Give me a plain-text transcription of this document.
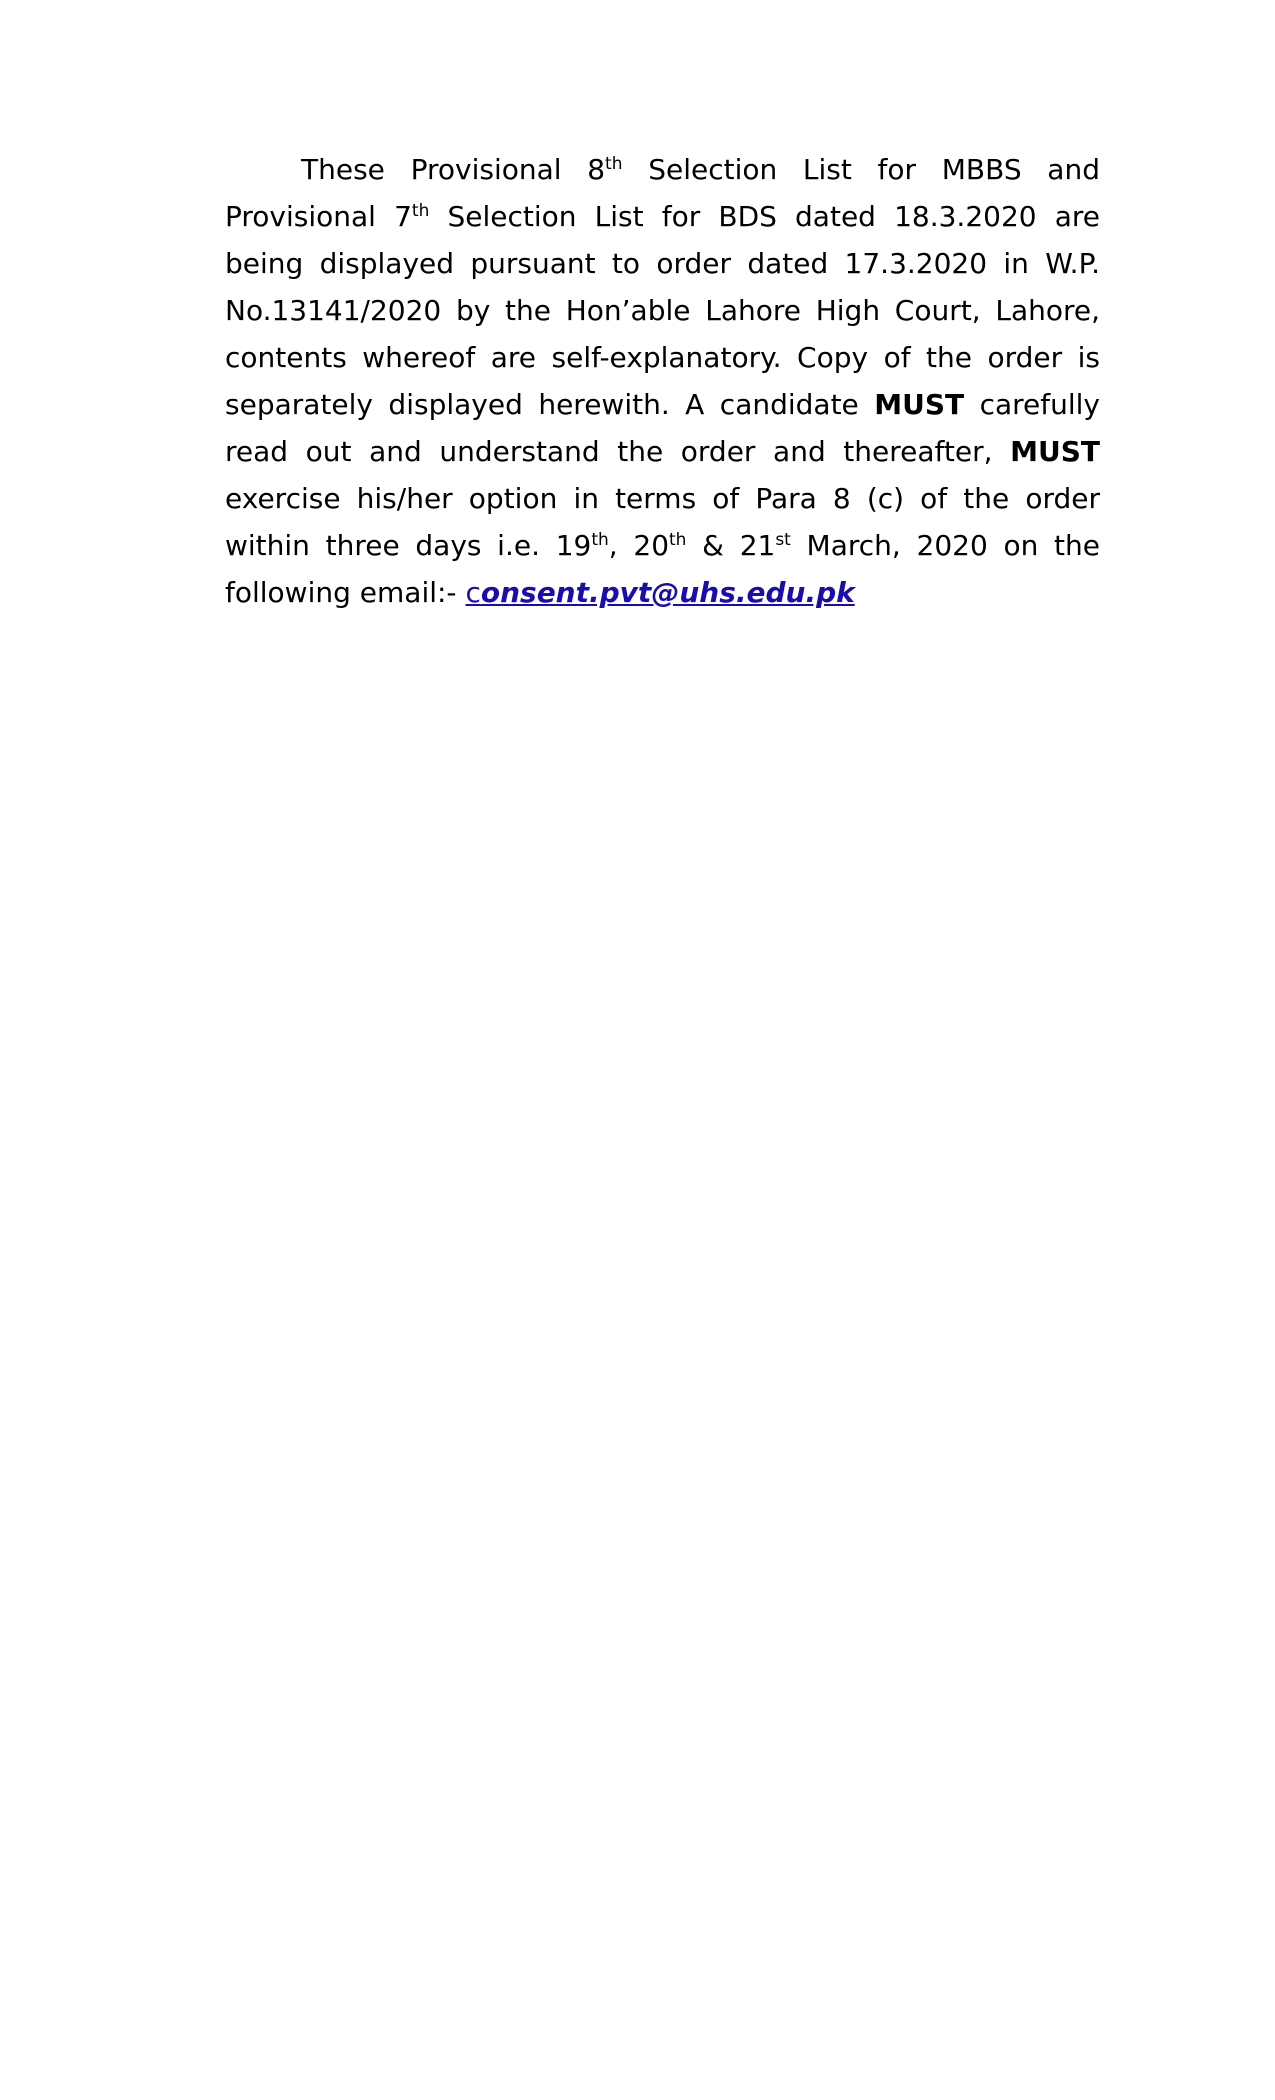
These Provisional 8th Selection List for MBBS and Provisional 7th Selection List for BDS dated 18.3.2020 are being displayed pursuant to order dated 17.3.2020 in W.P. No.13141/2020 by the Hon’able Lahore High Court, Lahore, contents whereof are self-explanatory. Copy of the order is separately displayed herewith. A candidate MUST carefully read out and understand the order and thereafter, MUST exercise his/her option in terms of Para 8 (c) of the order within three days i.e. 19th, 20th & 21st March, 2020 on the following email:- consent.pvt@uhs.edu.pk
